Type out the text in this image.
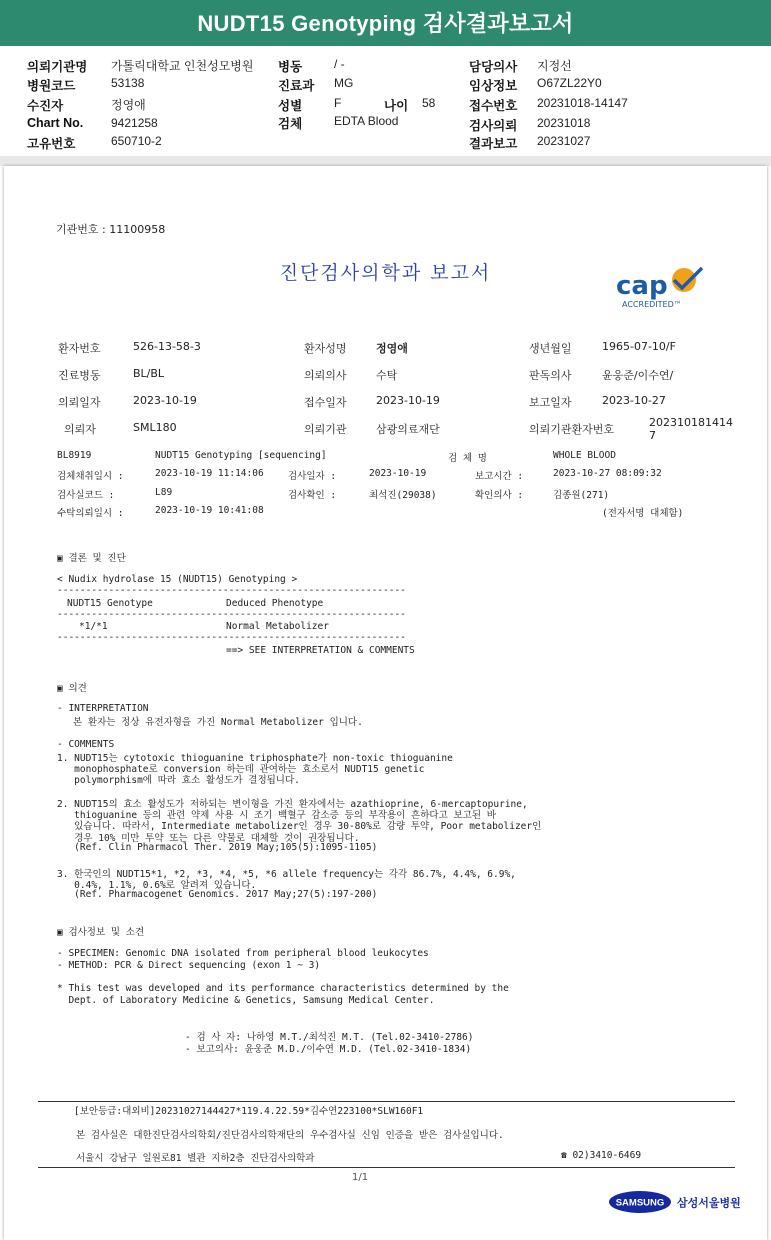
NUDT15 Genotyping 검사결과보고서
의뢰기관명 가톨릭대학교 인천성모병원
병원코드	53138
수진자	정영애
Chart No. 9421258
고유번호	650710-2
병동	/ -
진료과 MG
성별	F	나이 58
검체	EDTA Blood
담당의사 지정선
임상정보 O67ZL22Y0
접수번호 20231018-14147
검사의뢰 20231018
결과보고 20231027
기관번호 : 11100958
진단검사의학과 보고서	cap
ACCREDITED™
환자번호	526-13-58-3	환자성명	정영애	생년월일	1965-07-10/F
진료병동	BL/BL	의뢰의사	수탁	판독의사	윤웅준/이수연/
의뢰일자	2023-10-19	접수일자	2023-10-19	보고일자	2023-10-27
의뢰자	SML180	의뢰기관	삼광의료재단	의뢰기관환자번호
202310181414
7
BL8919	NUDT15 Genotyping [sequencing]	검 체 명	WHOLE BLOOD
검체채취일시 :	2023-10-19 11:14:06	검사일자 :	2023-10-19	보고시간 :	2023-10-27 08:09:32
검사실코드 :	L89	검사확인 :	최석진(29038)	확인의사 :	김종원(271)
수탁의뢰일시 :	2023-10-19 10:41:08	(전자서명 대체함)
▣ 결론 및 진단
< Nudix hydrolase 15 (NUDT15) Genotyping >
-------------------------------------------------------------
NUDT15 Genotype	Deduced Phenotype
-------------------------------------------------------------
*1/*1	Normal Metabolizer
-------------------------------------------------------------
==> SEE INTERPRETATION & COMMENTS
▣ 의견
- INTERPRETATION
본 환자는 정상 유전자형을 가진 Normal Metabolizer 입니다.
- COMMENTS
1. NUDT15는 cytotoxic thioguanine triphosphate가 non-toxic thioguanine
monophosphate로 conversion 하는데 관여하는 효소로서 NUDT15 genetic
polymorphism에 따라 효소 활성도가 결정됩니다.
2. NUDT15의 효소 활성도가 저하되는 변이형을 가진 환자에서는 azathioprine, 6-mercaptopurine,
thioguanine 등의 관련 약제 사용 시 조기 백혈구 감소증 등의 부작용이 흔하다고 보고된 바
있습니다. 따라서, Intermediate metabolizer인 경우 30-80%로 감량 투약, Poor metabolizer인
경우 10% 미만 투약 또는 다른 약물로 대체할 것이 권장됩니다.
(Ref. Clin Pharmacol Ther. 2019 May;105(5):1095-1105)
3. 한국인의 NUDT15*1, *2, *3, *4, *5, *6 allele frequency는 각각 86.7%, 4.4%, 6.9%,
0.4%, 1.1%, 0.6%로 알려져 있습니다.
(Ref. Pharmacogenet Genomics. 2017 May;27(5):197-200)
▣ 검사정보 및 소견
- SPECIMEN: Genomic DNA isolated from peripheral blood leukocytes
- METHOD: PCR & Direct sequencing (exon 1 ~ 3)
* This test was developed and its performance characteristics determined by the
Dept. of Laboratory Medicine & Genetics, Samsung Medical Center.
- 검 사 자: 나하영 M.T./최석진 M.T. (Tel.02-3410-2786)
- 보고의사: 윤웅준 M.D./이수연 M.D. (Tel.02-3410-1834)
[보안등급:대외비]20231027144427*119.4.22.59*김수연223100*SLW160F1
본 검사실은 대한진단검사의학회/진단검사의학재단의 우수검사실 신임 인증을 받은 검사실입니다.
서울시 강남구 일원로81 별관 지하2층 진단검사의학과	☎ 02)3410-6469
1/1
SAMSUNG 삼성서울병원
